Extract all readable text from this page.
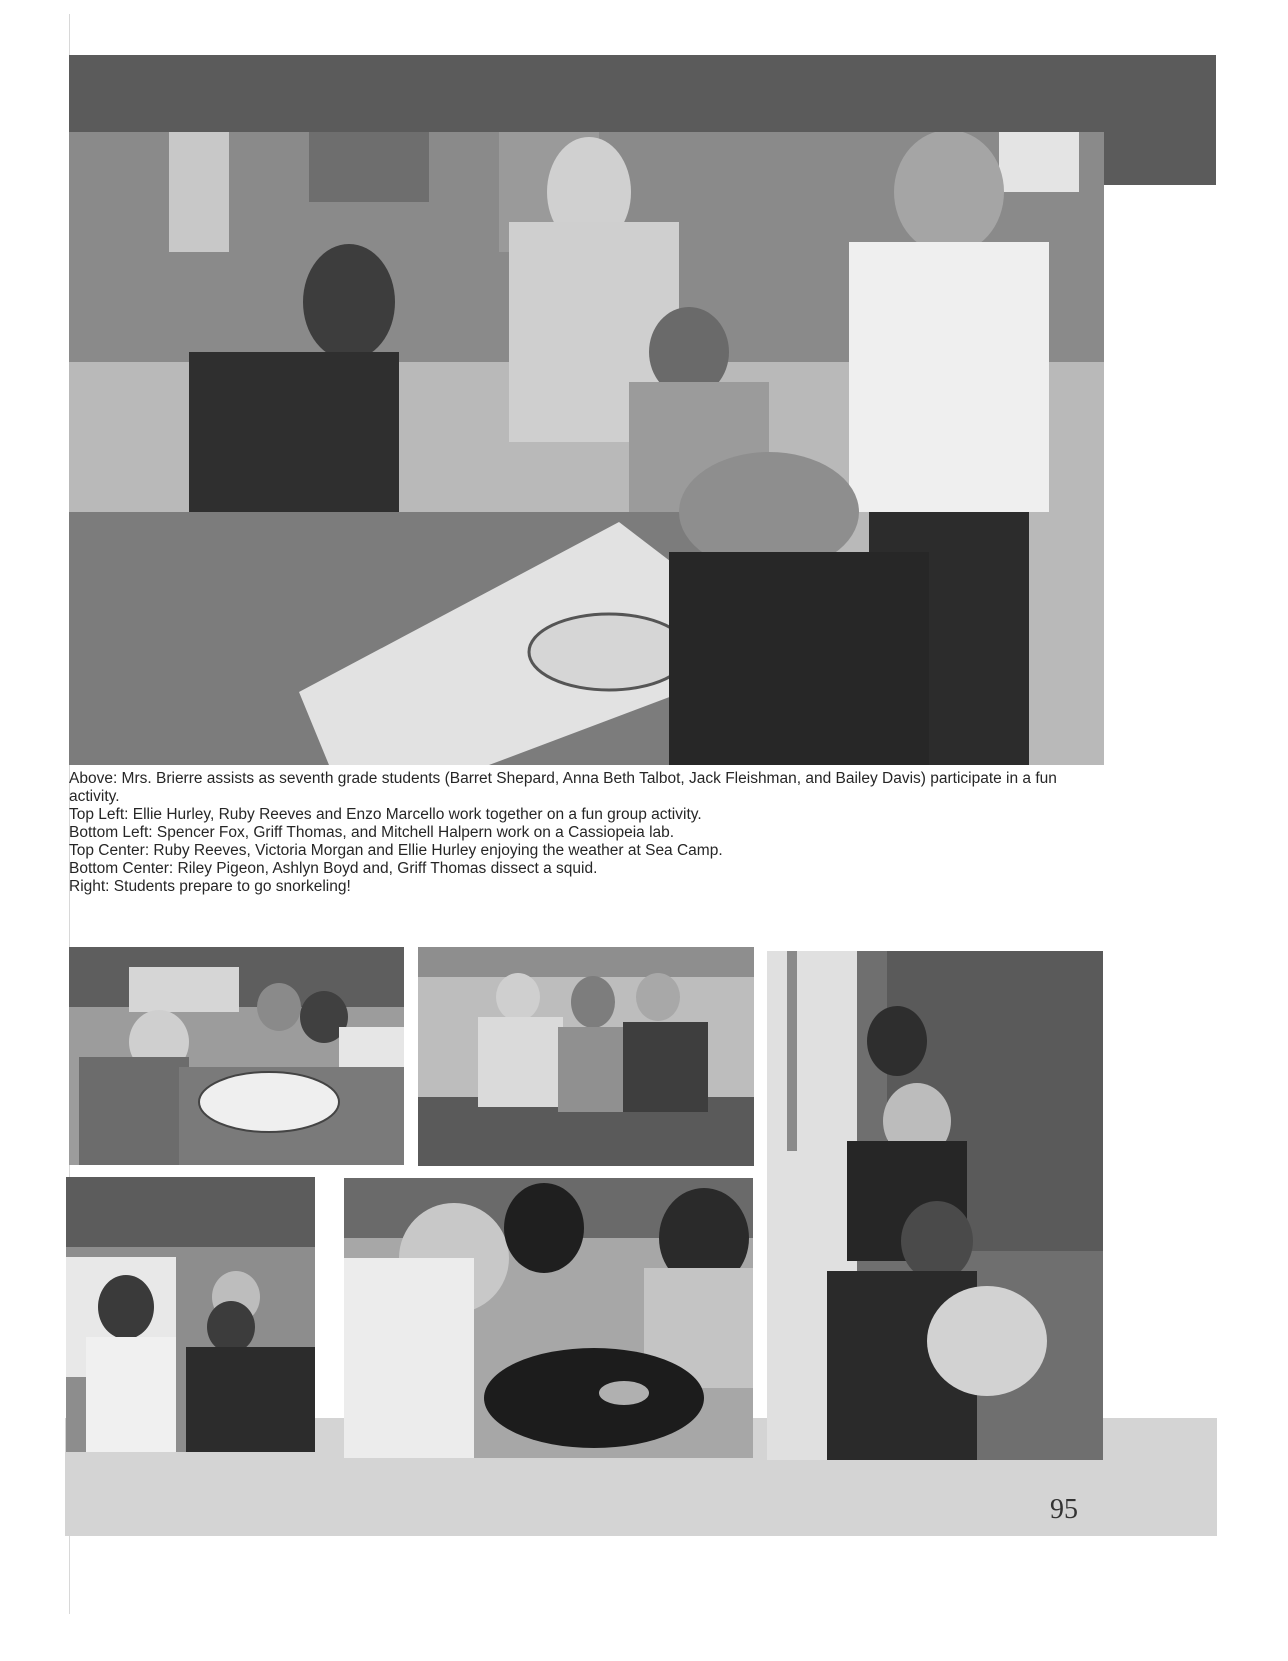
Above: Mrs. Brierre assists as seventh grade students (Barret Shepard, Anna Beth Talbot, Jack Fleishman, and Bailey Davis) participate in a fun activity.
Top Left: Ellie Hurley, Ruby Reeves and Enzo Marcello work together on a fun group activity.
Bottom Left: Spencer Fox, Griff Thomas, and Mitchell Halpern work on a Cassiopeia lab.
Top Center: Ruby Reeves, Victoria Morgan and Ellie Hurley enjoying the weather at Sea Camp.
Bottom Center: Riley Pigeon, Ashlyn Boyd and, Griff Thomas dissect a squid.
Right: Students prepare to go snorkeling!
95
